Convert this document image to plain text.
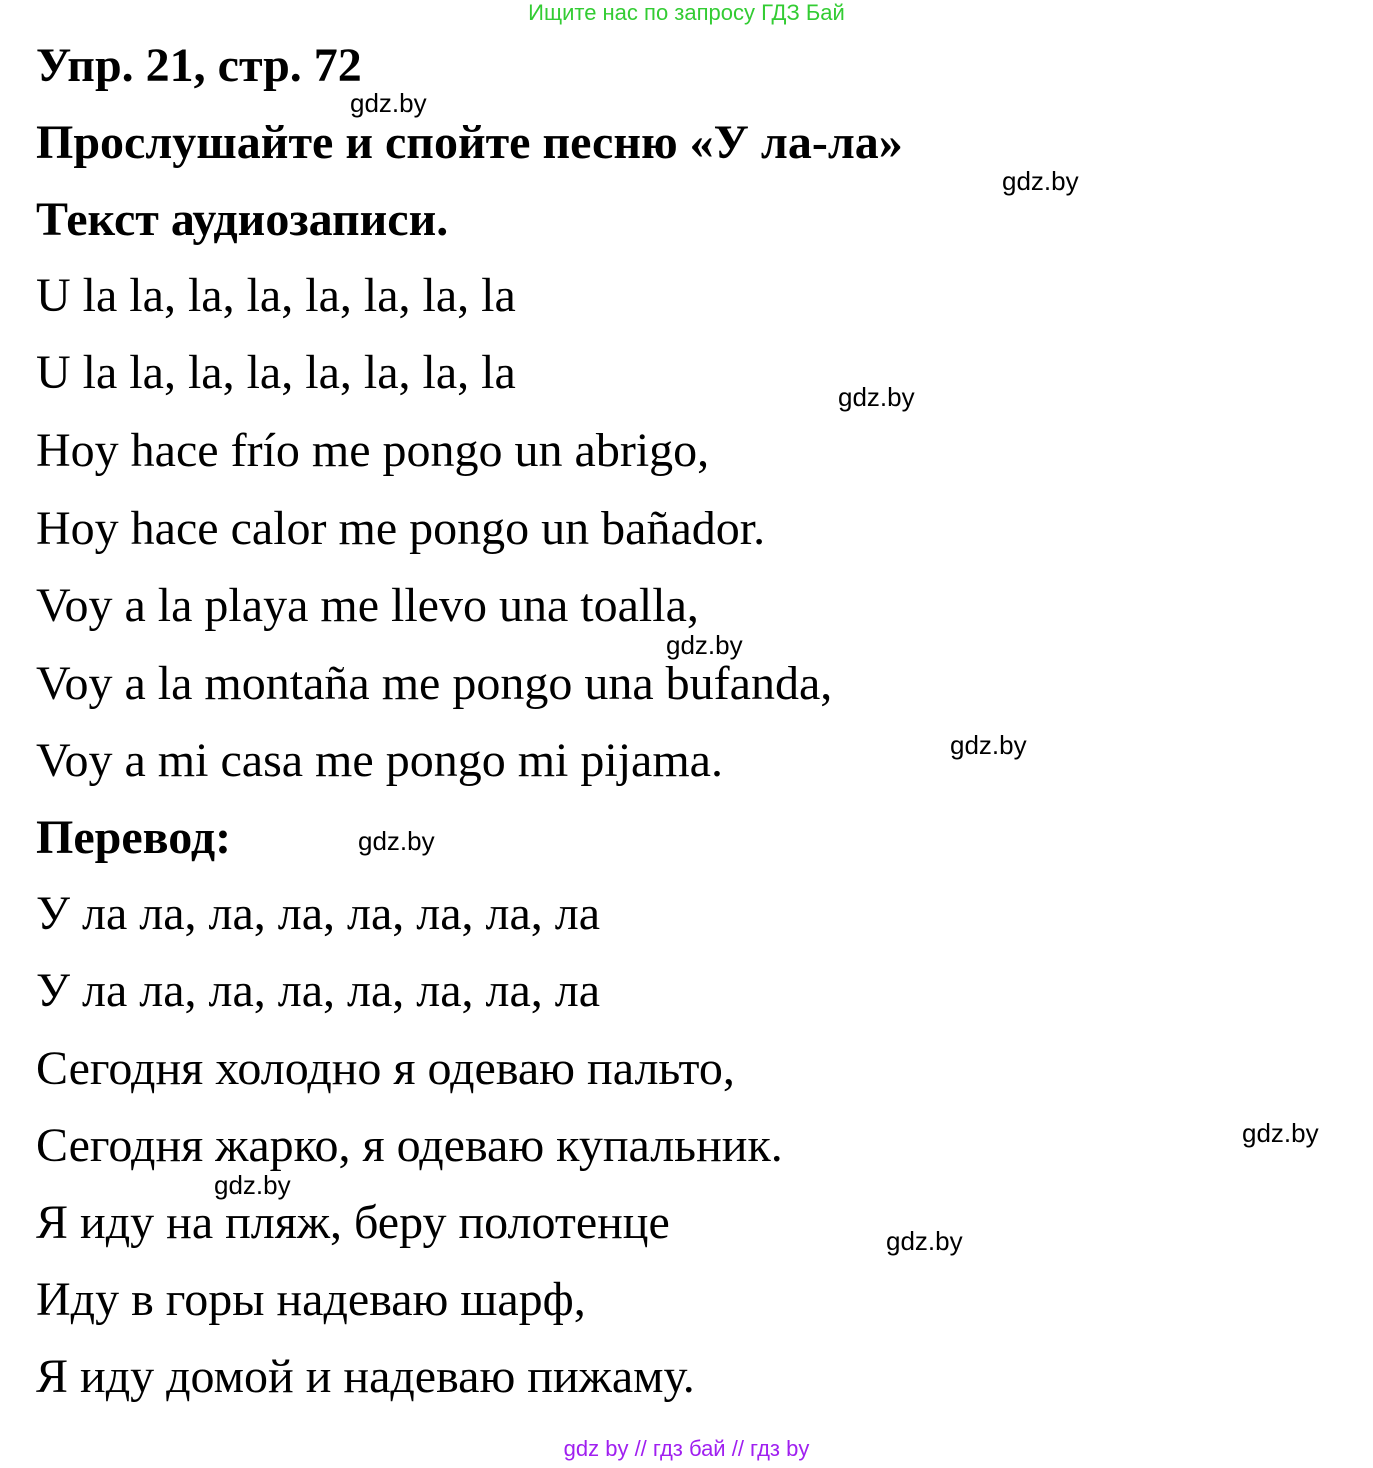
Ищите нас по запросу ГДЗ Бай
Упр. 21, стр. 72
Прослушайте и спойте песню «У ла-ла»
Текст аудиозаписи.
U la la, la, la, la, la, la, la
U la la, la, la, la, la, la, la
Hoy hace frío me pongo un abrigo,
Hoy hace calor me pongo un bañador.
Voy a la playa me llevo una toalla,
Voy a la montaña me pongo una bufanda,
Voy a mi casa me pongo mi pijama.
Перевод:
У ла ла, ла, ла, ла, ла, ла, ла
У ла ла, ла, ла, ла, ла, ла, ла
Сегодня холодно я одеваю пальто,
Сегодня жарко, я одеваю купальник.
Я иду на пляж, беру полотенце
Иду в горы надеваю шарф,
Я иду домой и надеваю пижаму.
gdz.by
gdz.by
gdz.by
gdz.by
gdz.by
gdz.by
gdz.by
gdz.by
gdz.by
gdz by // гдз бай // гдз by
